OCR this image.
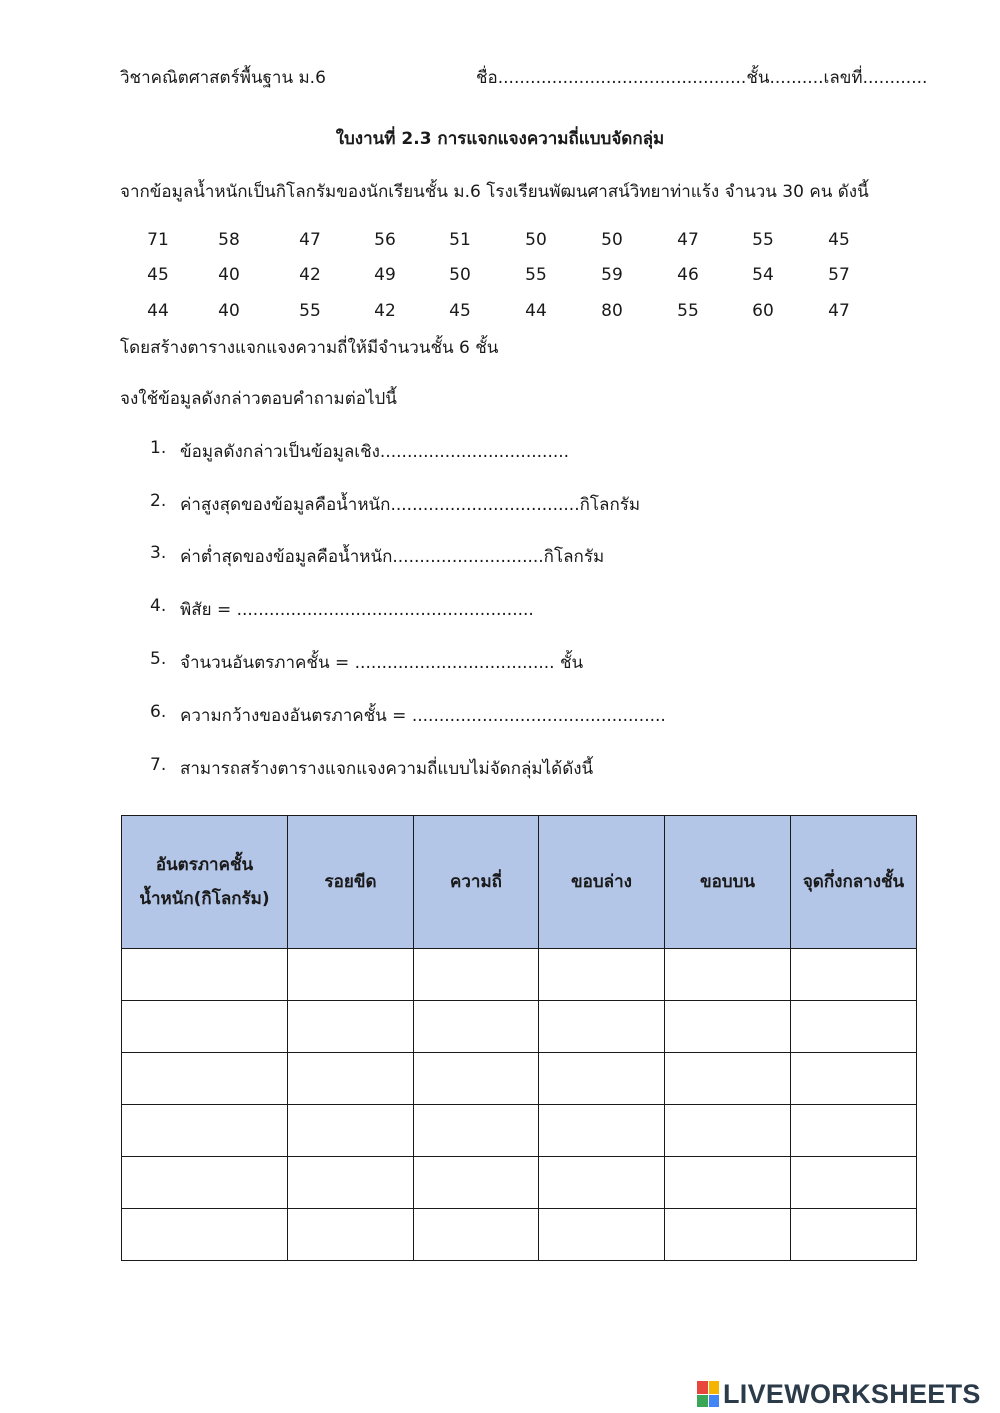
วิชาคณิตศาสตร์พื้นฐาน ม.6	ชื่อ..............................................ชั้น..........เลขที่............
ใบงานที่ 2.3 การแจกแจงความถี่แบบจัดกลุ่ม
จากข้อมูลน้ำหนักเป็นกิโลกรัมของนักเรียนชั้น ม.6 โรงเรียนพัฒนศาสน์วิทยาท่าแร้ง จำนวน 30 คน ดังนี้
71	58	47	56	51	50	50	47	55	45
45	40	42	49	50	55	59	46	54	57
44	40	55	42	45	44	80	55	60	47
โดยสร้างตารางแจกแจงความถี่ให้มีจำนวนชั้น 6 ชั้น
จงใช้ข้อมูลดังกล่าวตอบคำถามต่อไปนี้
1. ข้อมูลดังกล่าวเป็นข้อมูลเชิง...................................
2. ค่าสูงสุดของข้อมูลคือน้ำหนัก...................................กิโลกรัม
3. ค่าต่ำสุดของข้อมูลคือน้ำหนัก............................กิโลกรัม
4. พิสัย = .......................................................
5. จำนวนอันตรภาคชั้น = ..................................... ชั้น
6. ความกว้างของอันตรภาคชั้น = ...............................................
7. สามารถสร้างตารางแจกแจงความถี่แบบไม่จัดกลุ่มได้ดังนี้
อันตรภาคชั้น
น้ำหนัก(กิโลกรัม)	รอยขีด	ความถี่	ขอบล่าง	ขอบบน	จุดกึ่งกลางชั้น

LIVEWORKSHEETS
